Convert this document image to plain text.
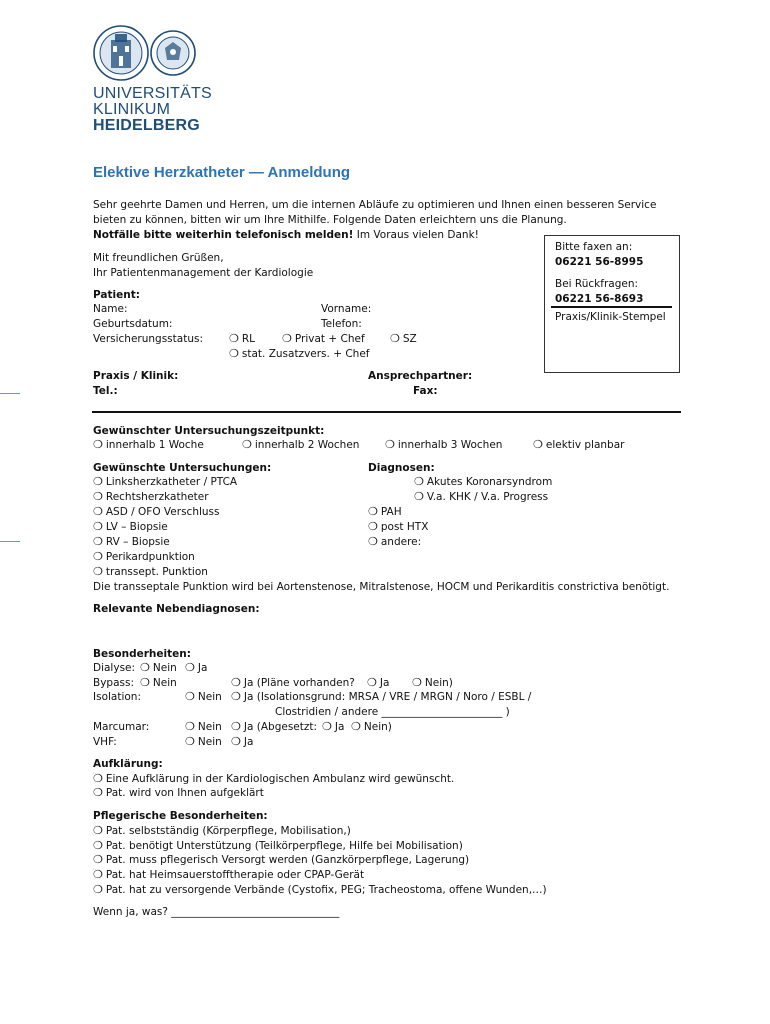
UNIVERSITÄTS
KLINIKUM
HEIDELBERG
Elektive Herzkatheter — Anmeldung
Sehr geehrte Damen und Herren, um die internen Abläufe zu optimieren und Ihnen einen besseren Service
bieten zu können, bitten wir um Ihre Mithilfe. Folgende Daten erleichtern uns die Planung.
Notfälle bitte weiterhin telefonisch melden! Im Voraus vielen Dank!
Mit freundlichen Grüßen,
Ihr Patientenmanagement der Kardiologie
Bitte faxen an:
06221 56-8995
Bei Rückfragen:
06221 56-8693
Praxis/Klinik-Stempel
Patient:
Name:	Vorname:
Geburtsdatum:	Telefon:
Versicherungsstatus:	❍ RL	❍ Privat + Chef	❍ SZ
❍ stat. Zusatzvers. + Chef
Praxis / Klinik:	Ansprechpartner:
Tel.:	Fax:
Gewünschter Untersuchungszeitpunkt:
❍ innerhalb 1 Woche	❍ innerhalb 2 Wochen	❍ innerhalb 3 Wochen	❍ elektiv planbar
Gewünschte Untersuchungen:
❍ Linksherzkatheter / PTCA
❍ Rechtsherzkatheter
❍ ASD / OFO Verschluss
❍ LV – Biopsie
❍ RV – Biopsie
❍ Perikardpunktion
❍ transsept. Punktion
Die transseptale Punktion wird bei Aortenstenose, Mitralstenose, HOCM und Perikarditis constrictiva benötigt.
Diagnosen:
❍ Akutes Koronarsyndrom
❍ V.a. KHK / V.a. Progress
❍ PAH
❍ post HTX
❍ andere:
Relevante Nebendiagnosen:
Besonderheiten:
Dialyse:	❍ Nein	❍ Ja
Bypass:	❍ Nein	❍ Ja (Pläne vorhanden?	❍ Ja	❍ Nein)
Isolation:	❍ Nein	❍ Ja (Isolationsgrund: MRSA / VRE / MRGN / Noro / ESBL /
Clostridien / andere _______________________ )
Marcumar:	❍ Nein	❍ Ja (Abgesetzt:	❍ Ja	❍ Nein)
VHF:	❍ Nein	❍ Ja
Aufklärung:
❍ Eine Aufklärung in der Kardiologischen Ambulanz wird gewünscht.
❍ Pat. wird von Ihnen aufgeklärt
Pflegerische Besonderheiten:
❍ Pat. selbstständig (Körperpflege, Mobilisation,)
❍ Pat. benötigt Unterstützung (Teilkörperpflege, Hilfe bei Mobilisation)
❍ Pat. muss pflegerisch Versorgt werden (Ganzkörperpflege, Lagerung)
❍ Pat. hat Heimsauerstofftherapie oder CPAP-Gerät
❍ Pat. hat zu versorgende Verbände (Cystofix, PEG; Tracheostoma, offene Wunden,…)
Wenn ja, was? ________________________________
